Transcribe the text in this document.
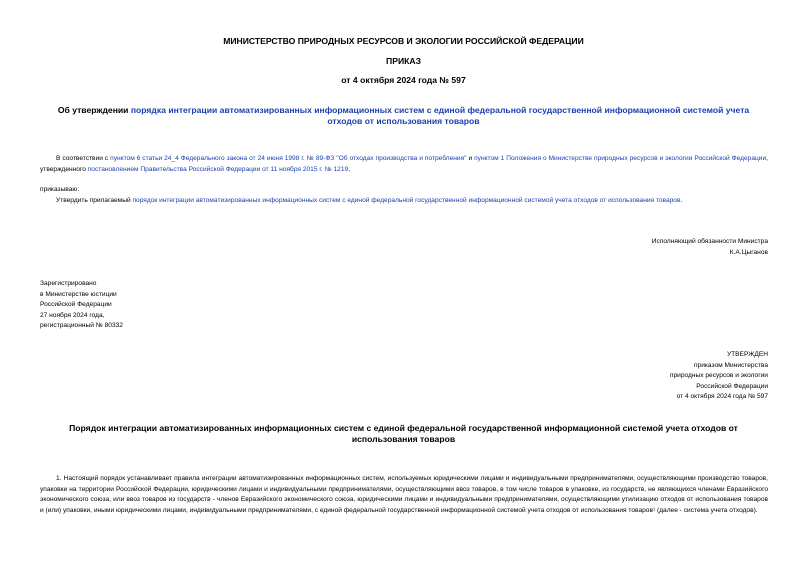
МИНИСТЕРСТВО ПРИРОДНЫХ РЕСУРСОВ И ЭКОЛОГИИ РОССИЙСКОЙ ФЕДЕРАЦИИ
ПРИКАЗ
от 4 октября 2024 года № 597
Об утверждении порядка интеграции автоматизированных информационных систем с единой федеральной государственной информационной системой учета отходов от использования товаров
В соответствии с пунктом 6 статьи 24_4 Федерального закона от 24 июня 1998 г. № 89-ФЗ "Об отходах производства и потребления" и пунктом 1 Положения о Министерстве природных ресурсов и экологии Российской Федерации, утвержденного постановлением Правительства Российской Федерации от 11 ноября 2015 г. № 1219,
приказываю:
Утвердить прилагаемый порядок интеграции автоматизированных информационных систем с единой федеральной государственной информационной системой учета отходов от использования товаров.
Исполняющий обязанности Министра
К.А.Цыганов
Зарегистрировано
в Министерстве юстиции
Российской Федерации
27 ноября 2024 года,
регистрационный № 80332
УТВЕРЖДЕН
приказом Министерства
природных ресурсов и экологии
Российской Федерации
от 4 октября 2024 года № 597
Порядок интеграции автоматизированных информационных систем с единой федеральной государственной информационной системой учета отходов от использования товаров
1. Настоящий порядок устанавливает правила интеграции автоматизированных информационных систем, используемых юридическими лицами и индивидуальными предпринимателями, осуществляющими производство товаров, упаковки на территории Российской Федерации, юридическими лицами и индивидуальными предпринимателями, осуществляющими ввоз товаров, в том числе товаров в упаковке, из государств, не являющихся членами Евразийского экономического союза, или ввоз товаров из государств - членов Евразийского экономического союза, юридическими лицами и индивидуальными предпринимателями, осуществляющими утилизацию отходов от использования товаров и (или) упаковки, иными юридическими лицами, индивидуальными предпринимателями, с единой федеральной государственной информационной системой учета отходов от использования товаров¹ (далее - система учета отходов).
